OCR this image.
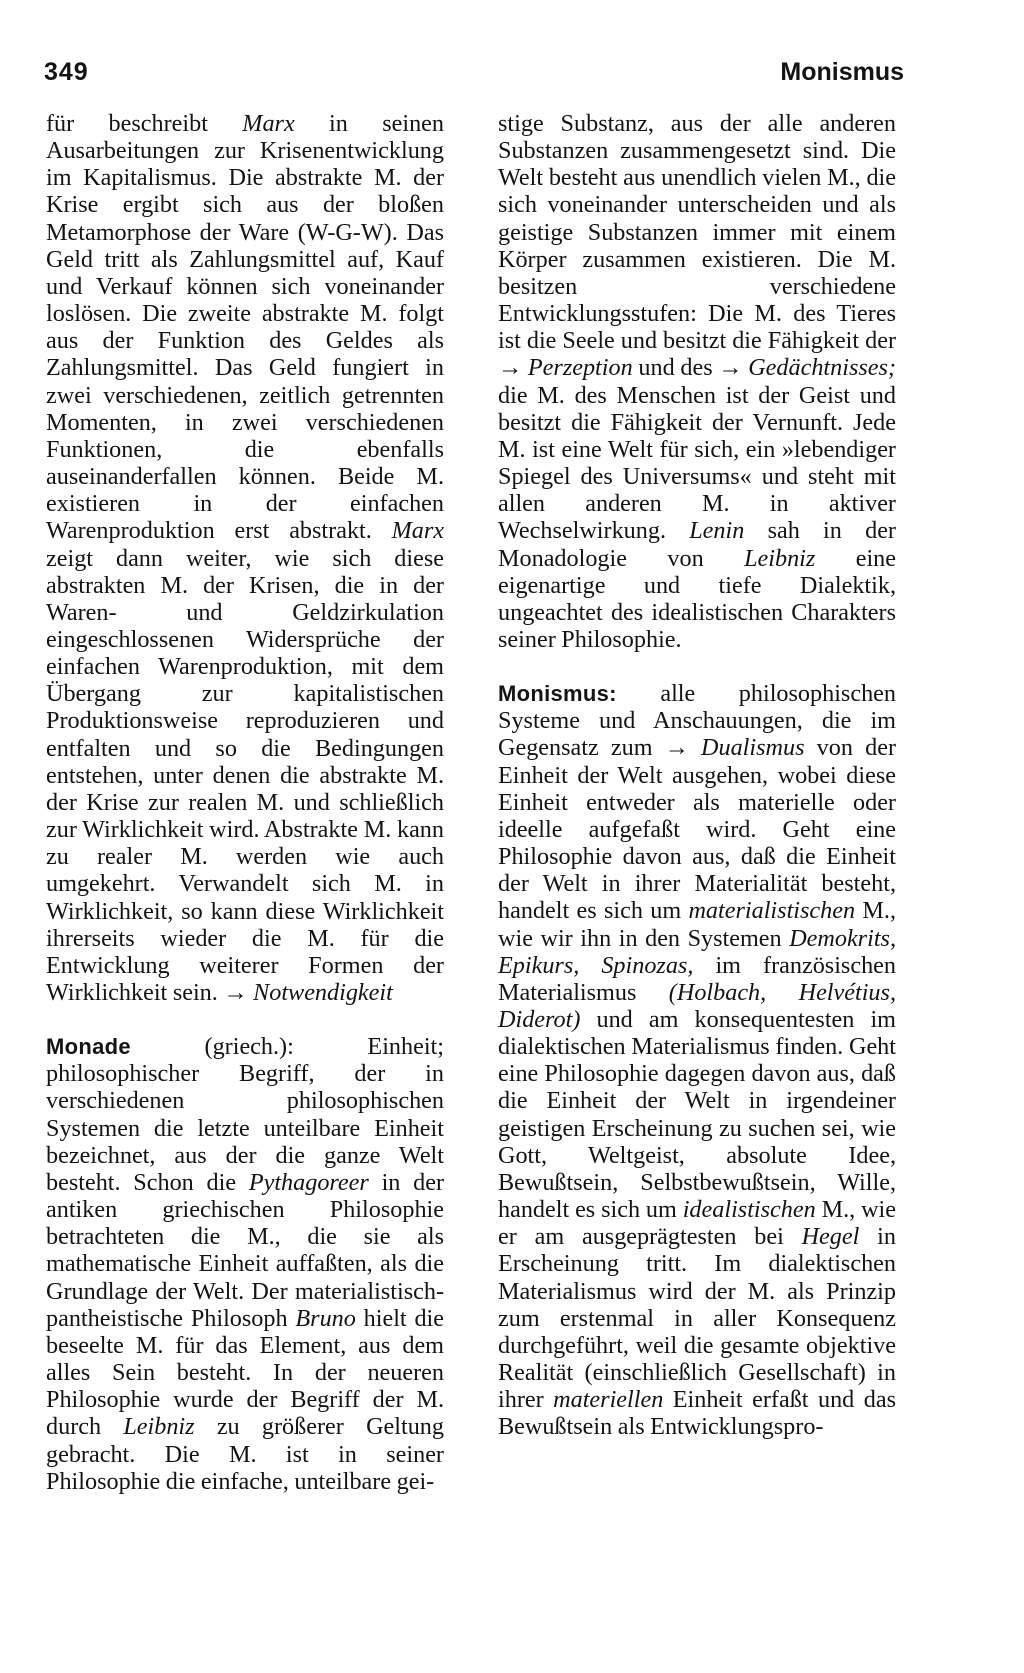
349	Monismus

für beschreibt Marx in seinen Ausarbeitungen zur Krisenentwicklung im Kapitalismus. Die abstrakte M. der Krise ergibt sich aus der bloßen Metamorphose der Ware (W-G-W). Das Geld tritt als Zahlungsmittel auf, Kauf und Verkauf können sich voneinander loslösen. Die zweite abstrakte M. folgt aus der Funktion des Geldes als Zahlungsmittel. Das Geld fungiert in zwei verschiedenen, zeitlich getrennten Momenten, in zwei verschiedenen Funktionen, die ebenfalls auseinanderfallen können. Beide M. existieren in der einfachen Warenproduktion erst abstrakt. Marx zeigt dann weiter, wie sich diese abstrakten M. der Krisen, die in der Waren- und Geldzirkulation eingeschlossenen Widersprüche der einfachen Warenproduktion, mit dem Übergang zur kapitalistischen Produktionsweise reproduzieren und entfalten und so die Bedingungen entstehen, unter denen die abstrakte M. der Krise zur realen M. und schließlich zur Wirklichkeit wird. Abstrakte M. kann zu realer M. werden wie auch umgekehrt. Verwandelt sich M. in Wirklichkeit, so kann diese Wirklichkeit ihrerseits wieder die M. für die Entwicklung weiterer Formen der Wirklichkeit sein. → Notwendigkeit

Monade (griech.): Einheit; philosophischer Begriff, der in verschiedenen philosophischen Systemen die letzte unteilbare Einheit bezeichnet, aus der die ganze Welt besteht. Schon die Pythagoreer in der antiken griechischen Philosophie betrachteten die M., die sie als mathematische Einheit auffaßten, als die Grundlage der Welt. Der materialistisch-pantheistische Philosoph Bruno hielt die beseelte M. für das Element, aus dem alles Sein besteht. In der neueren Philosophie wurde der Begriff der M. durch Leibniz zu größerer Geltung gebracht. Die M. ist in seiner Philosophie die einfache, unteilbare gei-

stige Substanz, aus der alle anderen Substanzen zusammengesetzt sind. Die Welt besteht aus unendlich vielen M., die sich voneinander unterscheiden und als geistige Substanzen immer mit einem Körper zusammen existieren. Die M. besitzen verschiedene Entwicklungsstufen: Die M. des Tieres ist die Seele und besitzt die Fähigkeit der → Perzeption und des → Gedächtnisses; die M. des Menschen ist der Geist und besitzt die Fähigkeit der Vernunft. Jede M. ist eine Welt für sich, ein »lebendiger Spiegel des Universums« und steht mit allen anderen M. in aktiver Wechselwirkung. Lenin sah in der Monadologie von Leibniz eine eigenartige und tiefe Dialektik, ungeachtet des idealistischen Charakters seiner Philosophie.

Monismus: alle philosophischen Systeme und Anschauungen, die im Gegensatz zum → Dualismus von der Einheit der Welt ausgehen, wobei diese Einheit entweder als materielle oder ideelle aufgefaßt wird. Geht eine Philosophie davon aus, daß die Einheit der Welt in ihrer Materialität besteht, handelt es sich um materialistischen M., wie wir ihn in den Systemen Demokrits, Epikurs, Spinozas, im französischen Materialismus (Holbach, Helvétius, Diderot) und am konsequentesten im dialektischen Materialismus finden. Geht eine Philosophie dagegen davon aus, daß die Einheit der Welt in irgendeiner geistigen Erscheinung zu suchen sei, wie Gott, Weltgeist, absolute Idee, Bewußtsein, Selbstbewußtsein, Wille, handelt es sich um idealistischen M., wie er am ausgeprägtesten bei Hegel in Erscheinung tritt. Im dialektischen Materialismus wird der M. als Prinzip zum erstenmal in aller Konsequenz durchgeführt, weil die gesamte objektive Realität (einschließlich Gesellschaft) in ihrer materiellen Einheit erfaßt und das Bewußtsein als Entwicklungspro-
